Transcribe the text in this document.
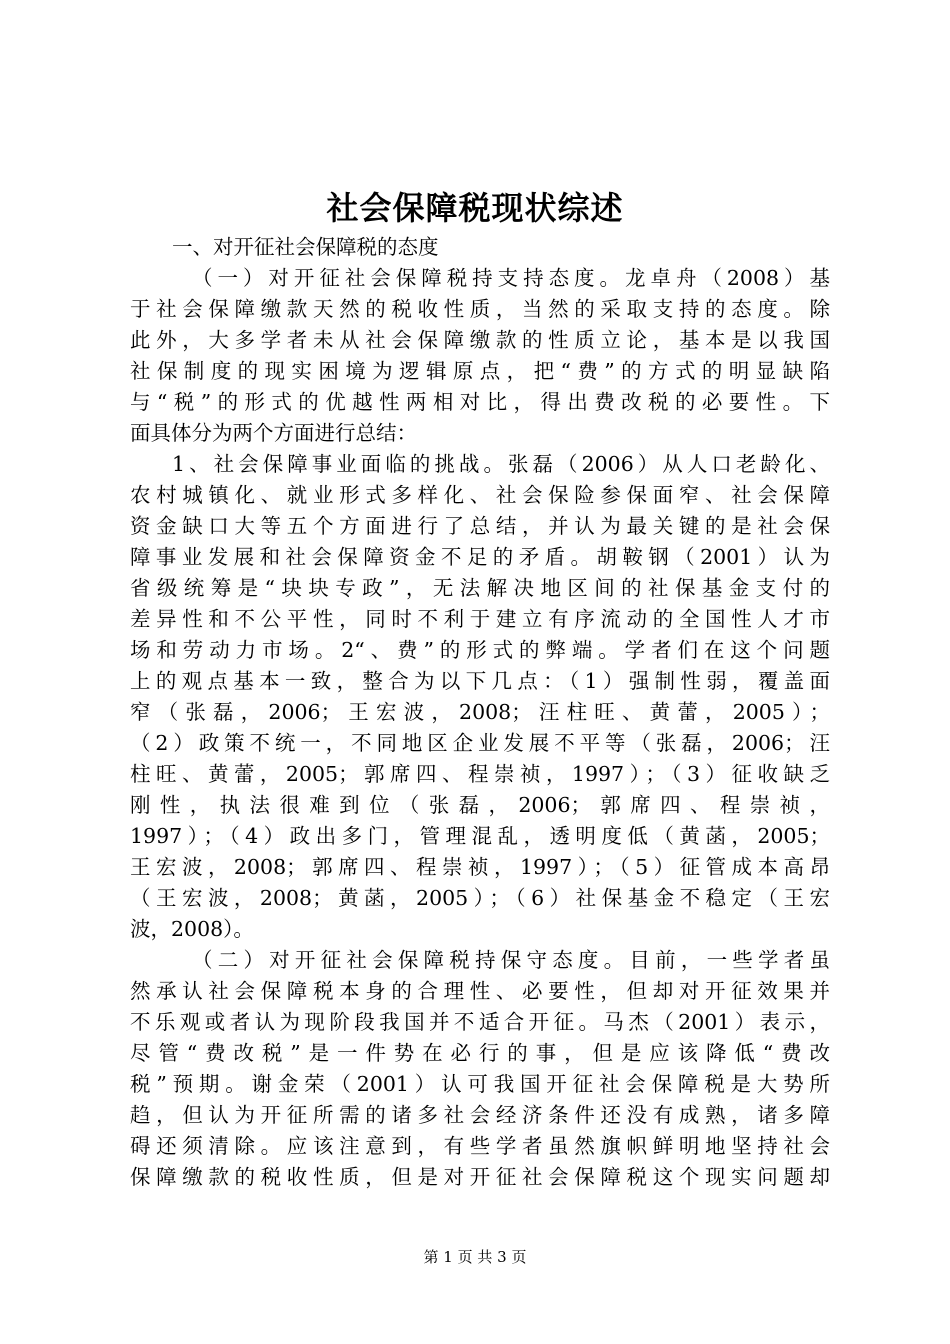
社会保障税现状综述
一、对开征社会保障税的态度
（一）对开征社会保障税持支持态度。龙卓舟（2008）基
于社会保障缴款天然的税收性质，当然的采取支持的态度。除
此外，大多学者未从社会保障缴款的性质立论，基本是以我国
社保制度的现实困境为逻辑原点，把“费”的方式的明显缺陷
与“税”的形式的优越性两相对比，得出费改税的必要性。下
面具体分为两个方面进行总结：
1、社会保障事业面临的挑战。张磊（2006）从人口老龄化、
农村城镇化、就业形式多样化、社会保险参保面窄、社会保障
资金缺口大等五个方面进行了总结，并认为最关键的是社会保
障事业发展和社会保障资金不足的矛盾。胡鞍钢（2001）认为
省级统筹是“块块专政”，无法解决地区间的社保基金支付的
差异性和不公平性，同时不利于建立有序流动的全国性人才市
场和劳动力市场。2“、费”的形式的弊端。学者们在这个问题
上的观点基本一致，整合为以下几点：（1）强制性弱，覆盖面
窄（张磊，2006；王宏波，2008；汪柱旺、黄蕾，2005）；
（2）政策不统一，不同地区企业发展不平等（张磊，2006；汪
柱旺、黄蕾，2005；郭席四、程崇祯，1997）；（3）征收缺乏
刚性，执法很难到位（张磊，2006；郭席四、程崇祯，
1997）；（4）政出多门，管理混乱，透明度低（黄菡，2005；
王宏波，2008；郭席四、程崇祯，1997）；（5）征管成本高昂
（王宏波，2008；黄菡，2005）；（6）社保基金不稳定（王宏
波，2008）。
（二）对开征社会保障税持保守态度。目前，一些学者虽
然承认社会保障税本身的合理性、必要性，但却对开征效果并
不乐观或者认为现阶段我国并不适合开征。马杰（2001）表示，
尽管“费改税”是一件势在必行的事，但是应该降低“费改
税”预期。谢金荣（2001）认可我国开征社会保障税是大势所
趋，但认为开征所需的诸多社会经济条件还没有成熟，诸多障
碍还须清除。应该注意到，有些学者虽然旗帜鲜明地坚持社会
保障缴款的税收性质，但是对开征社会保障税这个现实问题却
第 1 页 共 3 页
